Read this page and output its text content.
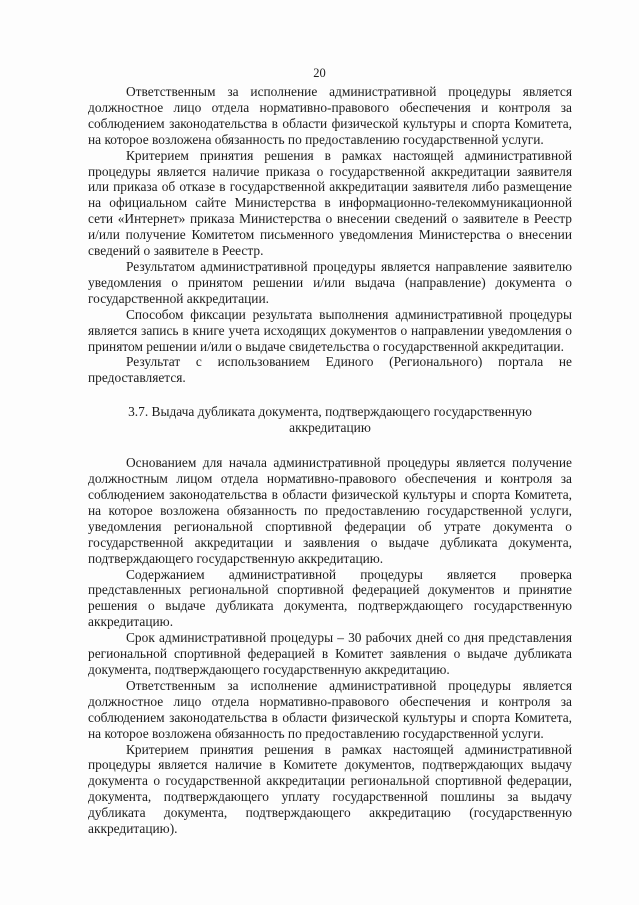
20

Ответственным за исполнение административной процедуры является должностное лицо отдела нормативно-правового обеспечения и контроля за соблюдением законодательства в области физической культуры и спорта Комитета, на которое возложена обязанность по предоставлению государственной услуги.

Критерием принятия решения в рамках настоящей административной процедуры является наличие приказа о государственной аккредитации заявителя или приказа об отказе в государственной аккредитации заявителя либо размещение на официальном сайте Министерства в информационно-телекоммуникационной сети «Интернет» приказа Министерства о внесении сведений о заявителе в Реестр и/или получение Комитетом письменного уведомления Министерства о внесении сведений о заявителе в Реестр.

Результатом административной процедуры является направление заявителю уведомления о принятом решении и/или выдача (направление) документа о государственной аккредитации.

Способом фиксации результата выполнения административной процедуры является запись в книге учета исходящих документов о направлении уведомления о принятом решении и/или о выдаче свидетельства о государственной аккредитации.

Результат с использованием Единого (Регионального) портала не предоставляется.

3.7. Выдача дубликата документа, подтверждающего государственную аккредитацию

Основанием для начала административной процедуры является получение должностным лицом отдела нормативно-правового обеспечения и контроля за соблюдением законодательства в области физической культуры и спорта Комитета, на которое возложена обязанность по предоставлению государственной услуги, уведомления региональной спортивной федерации об утрате документа о государственной аккредитации и заявления о выдаче дубликата документа, подтверждающего государственную аккредитацию.

Содержанием административной процедуры является проверка представленных региональной спортивной федерацией документов и принятие решения о выдаче дубликата документа, подтверждающего государственную аккредитацию.

Срок административной процедуры – 30 рабочих дней со дня представления региональной спортивной федерацией в Комитет заявления о выдаче дубликата документа, подтверждающего государственную аккредитацию.

Ответственным за исполнение административной процедуры является должностное лицо отдела нормативно-правового обеспечения и контроля за соблюдением законодательства в области физической культуры и спорта Комитета, на которое возложена обязанность по предоставлению государственной услуги.

Критерием принятия решения в рамках настоящей административной процедуры является наличие в Комитете документов, подтверждающих выдачу документа о государственной аккредитации региональной спортивной федерации, документа, подтверждающего уплату государственной пошлины за выдачу дубликата документа, подтверждающего аккредитацию (государственную аккредитацию).
